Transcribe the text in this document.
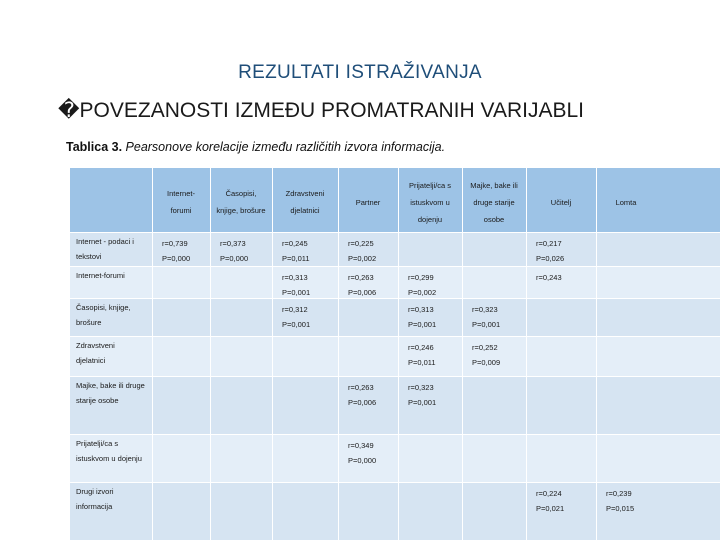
REZULTATI ISTRAŽIVANJA
�POVEZANOSTI IZMEĐU PROMATRANIH VARIJABLI
Tablica 3. Pearsonove korelacije između različitih izvora informacija.
Internet-
forumi
Časopisi,
knjige, brošure
Zdravstveni
djelatnici
Partner
Prijatelji/ca s
istuskvom u
dojenju
Majke, bake ili
druge starije
osobe
Učitelj	Lomta
Internet - podaci i
tekstovi
r=0,739
P=0,000
r=0,373
P=0,000
r=0,245
P=0,011
r=0,225
P=0,002
r=0,217
P=0,026
Internet-forumi	r=0,313
P=0,001
r=0,263
P=0,006
r=0,299
P=0,002
r=0,243
Časopisi, knjige,
brošure
r=0,312
P=0,001
r=0,313
P=0,001
r=0,323
P=0,001
Zdravstveni
djelatnici
r=0,246
P=0,011
r=0,252
P=0,009
Majke, bake ili druge
starije osobe
r=0,263
P=0,006
r=0,323
P=0,001
Prijatelji/ca s
istuskvom u dojenju
r=0,349
P=0,000
Drugi izvori
informacija
r=0,224
P=0,021
r=0,239
P=0,015
